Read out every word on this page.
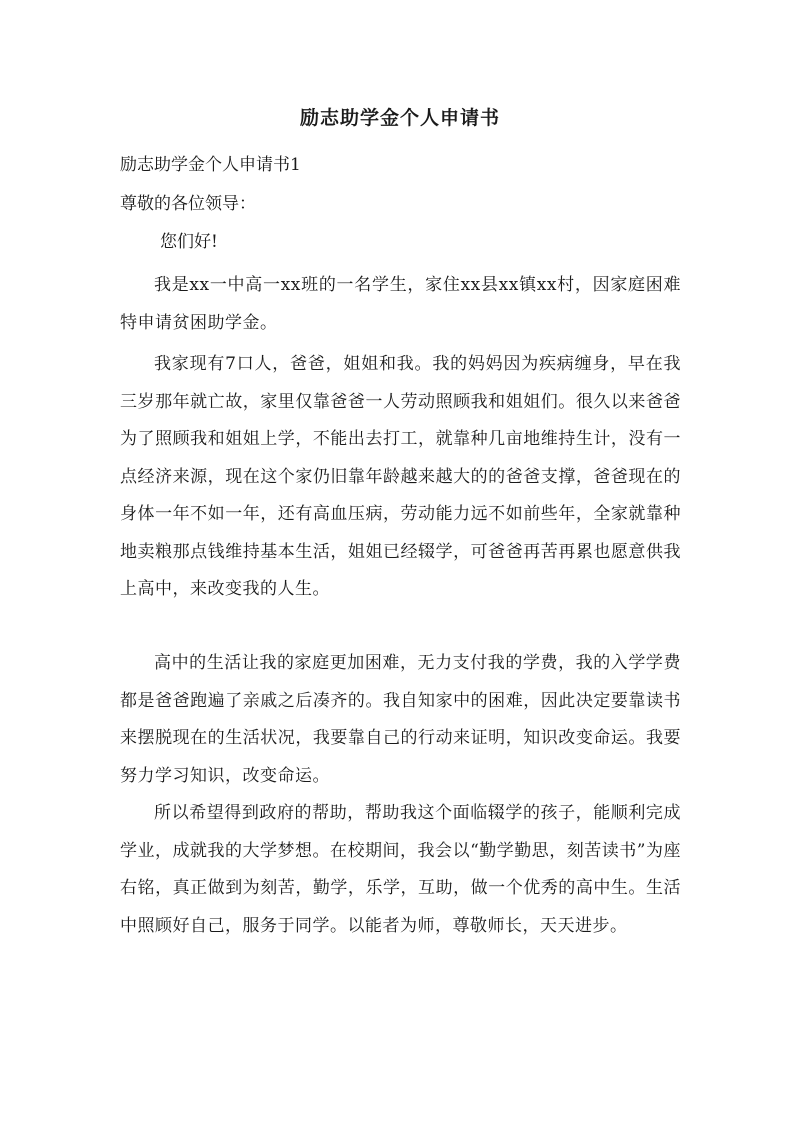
励志助学金个人申请书
励志助学金个人申请书1
尊敬的各位领导：
您们好!

我是xx一中高一xx班的一名学生，家住xx县xx镇xx村，因家庭困难特申请贫困助学金。

我家现有7口人，爸爸，姐姐和我。我的妈妈因为疾病缠身，早在我三岁那年就亡故，家里仅靠爸爸一人劳动照顾我和姐姐们。很久以来爸爸为了照顾我和姐姐上学，不能出去打工，就靠种几亩地维持生计，没有一点经济来源，现在这个家仍旧靠年龄越来越大的的爸爸支撑，爸爸现在的身体一年不如一年，还有高血压病，劳动能力远不如前些年，全家就靠种地卖粮那点钱维持基本生活，姐姐已经辍学，可爸爸再苦再累也愿意供我上高中，来改变我的人生。

高中的生活让我的家庭更加困难，无力支付我的学费，我的入学学费都是爸爸跑遍了亲戚之后凑齐的。我自知家中的困难，因此决定要靠读书来摆脱现在的生活状况，我要靠自己的行动来证明，知识改变命运。我要努力学习知识，改变命运。

所以希望得到政府的帮助，帮助我这个面临辍学的孩子，能顺利完成学业，成就我的大学梦想。在校期间，我会以“勤学勤思，刻苦读书”为座右铭，真正做到为刻苦，勤学，乐学，互助，做一个优秀的高中生。生活中照顾好自己，服务于同学。以能者为师，尊敬师长，天天进步。
